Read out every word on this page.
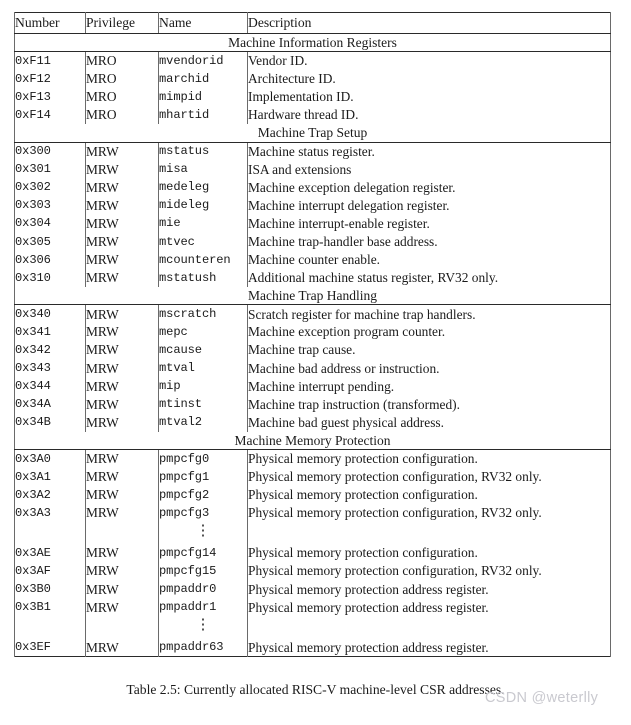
Number	Privilege	Name	Description
Machine Information Registers			
0xF11	MRO	mvendorid	Vendor ID.
0xF12	MRO	marchid	Architecture ID.
0xF13	MRO	mimpid	Implementation ID.
0xF14	MRO	mhartid	Hardware thread ID.
Machine Trap Setup			
0x300	MRW	mstatus	Machine status register.
0x301	MRW	misa	ISA and extensions
0x302	MRW	medeleg	Machine exception delegation register.
0x303	MRW	mideleg	Machine interrupt delegation register.
0x304	MRW	mie	Machine interrupt-enable register.
0x305	MRW	mtvec	Machine trap-handler base address.
0x306	MRW	mcounteren	Machine counter enable.
0x310	MRW	mstatush	Additional machine status register, RV32 only.
Machine Trap Handling			
0x340	MRW	mscratch	Scratch register for machine trap handlers.
0x341	MRW	mepc	Machine exception program counter.
0x342	MRW	mcause	Machine trap cause.
0x343	MRW	mtval	Machine bad address or instruction.
0x344	MRW	mip	Machine interrupt pending.
0x34A	MRW	mtinst	Machine trap instruction (transformed).
0x34B	MRW	mtval2	Machine bad guest physical address.
Machine Memory Protection			
0x3A0	MRW	pmpcfg0	Physical memory protection configuration.
0x3A1	MRW	pmpcfg1	Physical memory protection configuration, RV32 only.
0x3A2	MRW	pmpcfg2	Physical memory protection configuration.
0x3A3	MRW	pmpcfg3	Physical memory protection configuration, RV32 only.
		⋮	
0x3AE	MRW	pmpcfg14	Physical memory protection configuration.
0x3AF	MRW	pmpcfg15	Physical memory protection configuration, RV32 only.
0x3B0	MRW	pmpaddr0	Physical memory protection address register.
0x3B1	MRW	pmpaddr1	Physical memory protection address register.
		⋮	
0x3EF	MRW	pmpaddr63	Physical memory protection address register.
Table 2.5: Currently allocated RISC-V machine-level CSR addresses.
CSDN @weterlly
